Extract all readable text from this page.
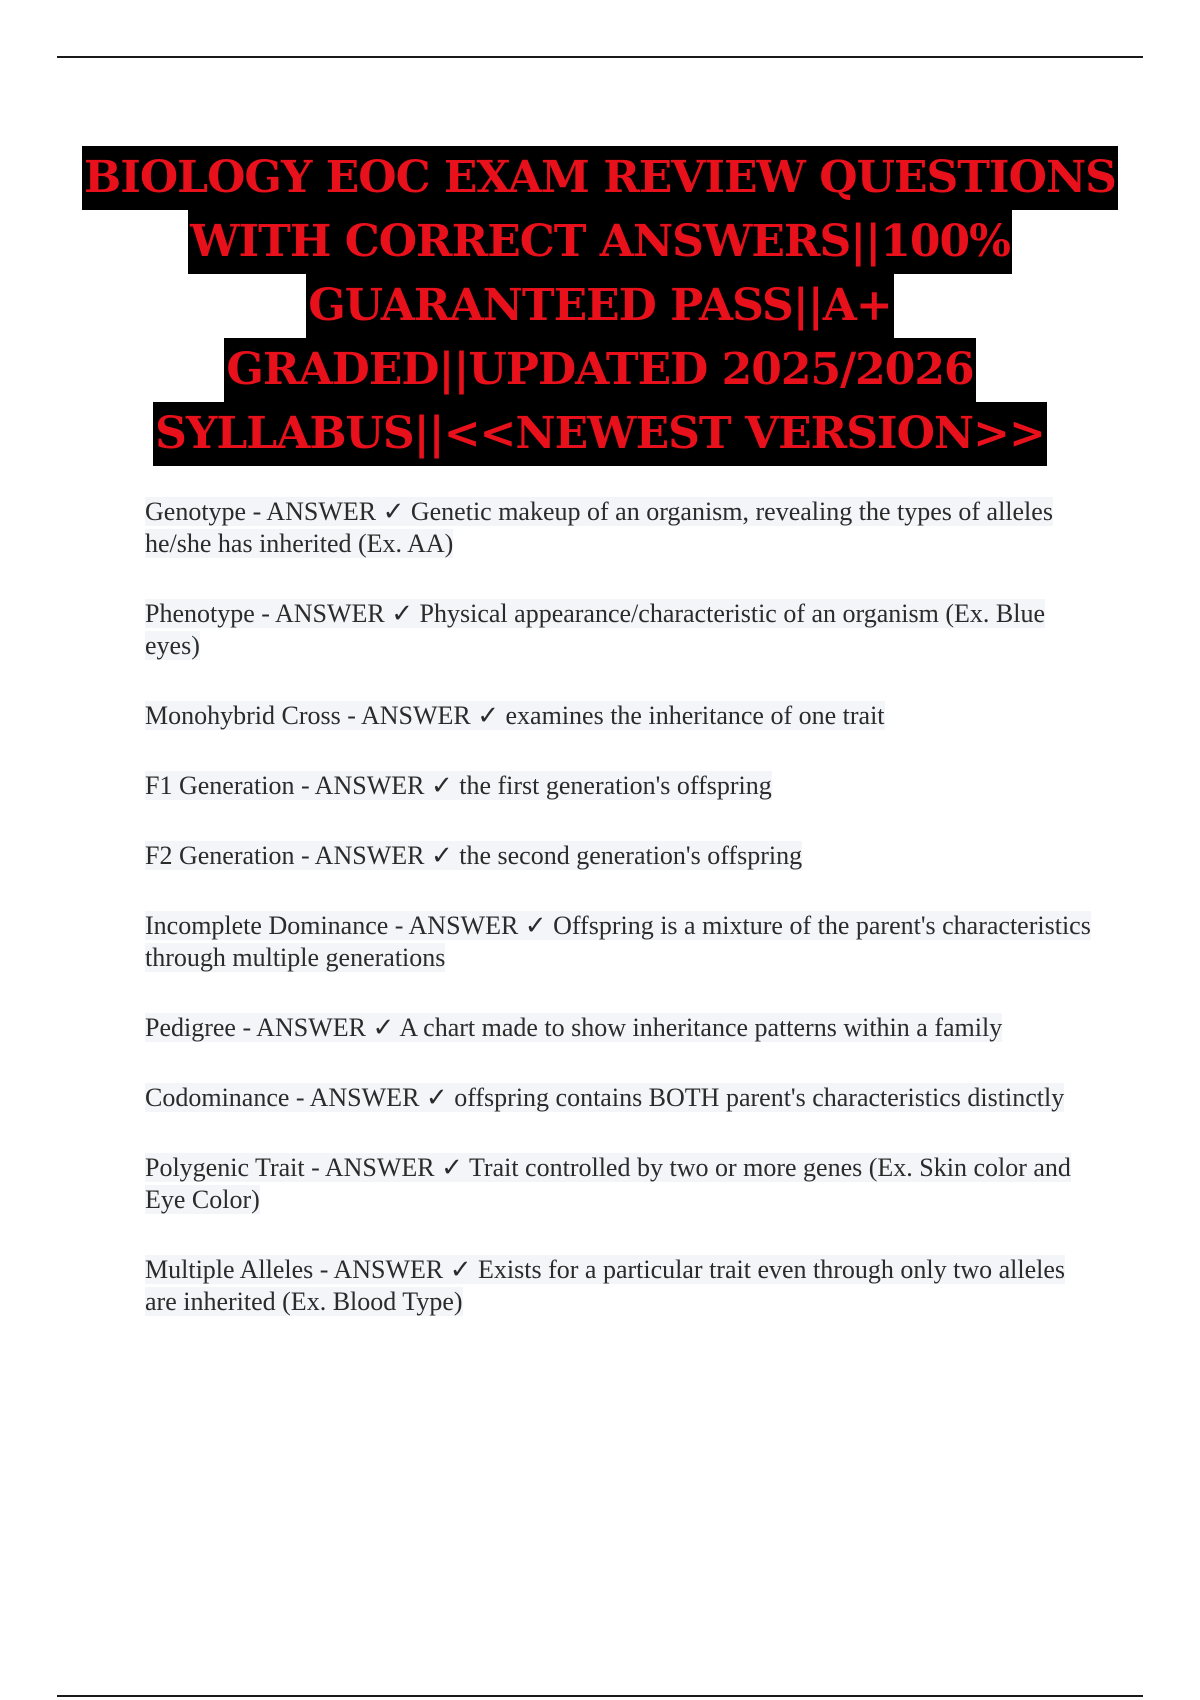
BIOLOGY EOC EXAM REVIEW QUESTIONS
WITH CORRECT ANSWERS||100%
GUARANTEED PASS||A+
GRADED||UPDATED 2025/2026
SYLLABUS||<<NEWEST VERSION>>

Genotype - ANSWER ✓ Genetic makeup of an organism, revealing the types of alleles he/she has inherited (Ex. AA)

Phenotype - ANSWER ✓ Physical appearance/characteristic of an organism (Ex. Blue eyes)

Monohybrid Cross - ANSWER ✓ examines the inheritance of one trait

F1 Generation - ANSWER ✓ the first generation's offspring

F2 Generation - ANSWER ✓ the second generation's offspring

Incomplete Dominance - ANSWER ✓ Offspring is a mixture of the parent's characteristics through multiple generations

Pedigree - ANSWER ✓ A chart made to show inheritance patterns within a family

Codominance - ANSWER ✓ offspring contains BOTH parent's characteristics distinctly

Polygenic Trait - ANSWER ✓ Trait controlled by two or more genes (Ex. Skin color and Eye Color)

Multiple Alleles - ANSWER ✓ Exists for a particular trait even through only two alleles are inherited (Ex. Blood Type)
